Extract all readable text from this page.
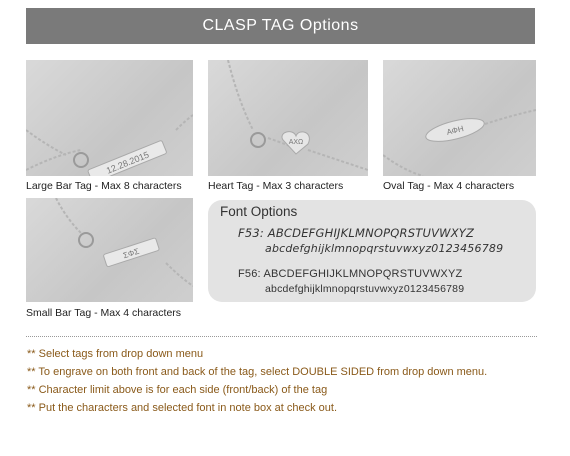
CLASP TAG Options
12.28.2015
Large Bar Tag - Max 8 characters
ΑΧΩ
Heart Tag - Max 3 characters
ΑΦΗ
Oval Tag - Max 4 characters
ΣΦΣ
Small Bar Tag - Max 4 characters
Font Options
F53: ABCDEFGHIJKLMNOPQRSTUVWXYZ
abcdefghijklmnopqrstuvwxyz0123456789
F56: ABCDEFGHIJKLMNOPQRSTUVWXYZ
abcdefghijklmnopqrstuvwxyz0123456789
** Select tags from drop down menu
** To engrave on both front and back of the tag, select DOUBLE SIDED from drop down menu.
** Character limit above is for each side (front/back) of the tag
** Put the characters and selected font in note box at check out.
